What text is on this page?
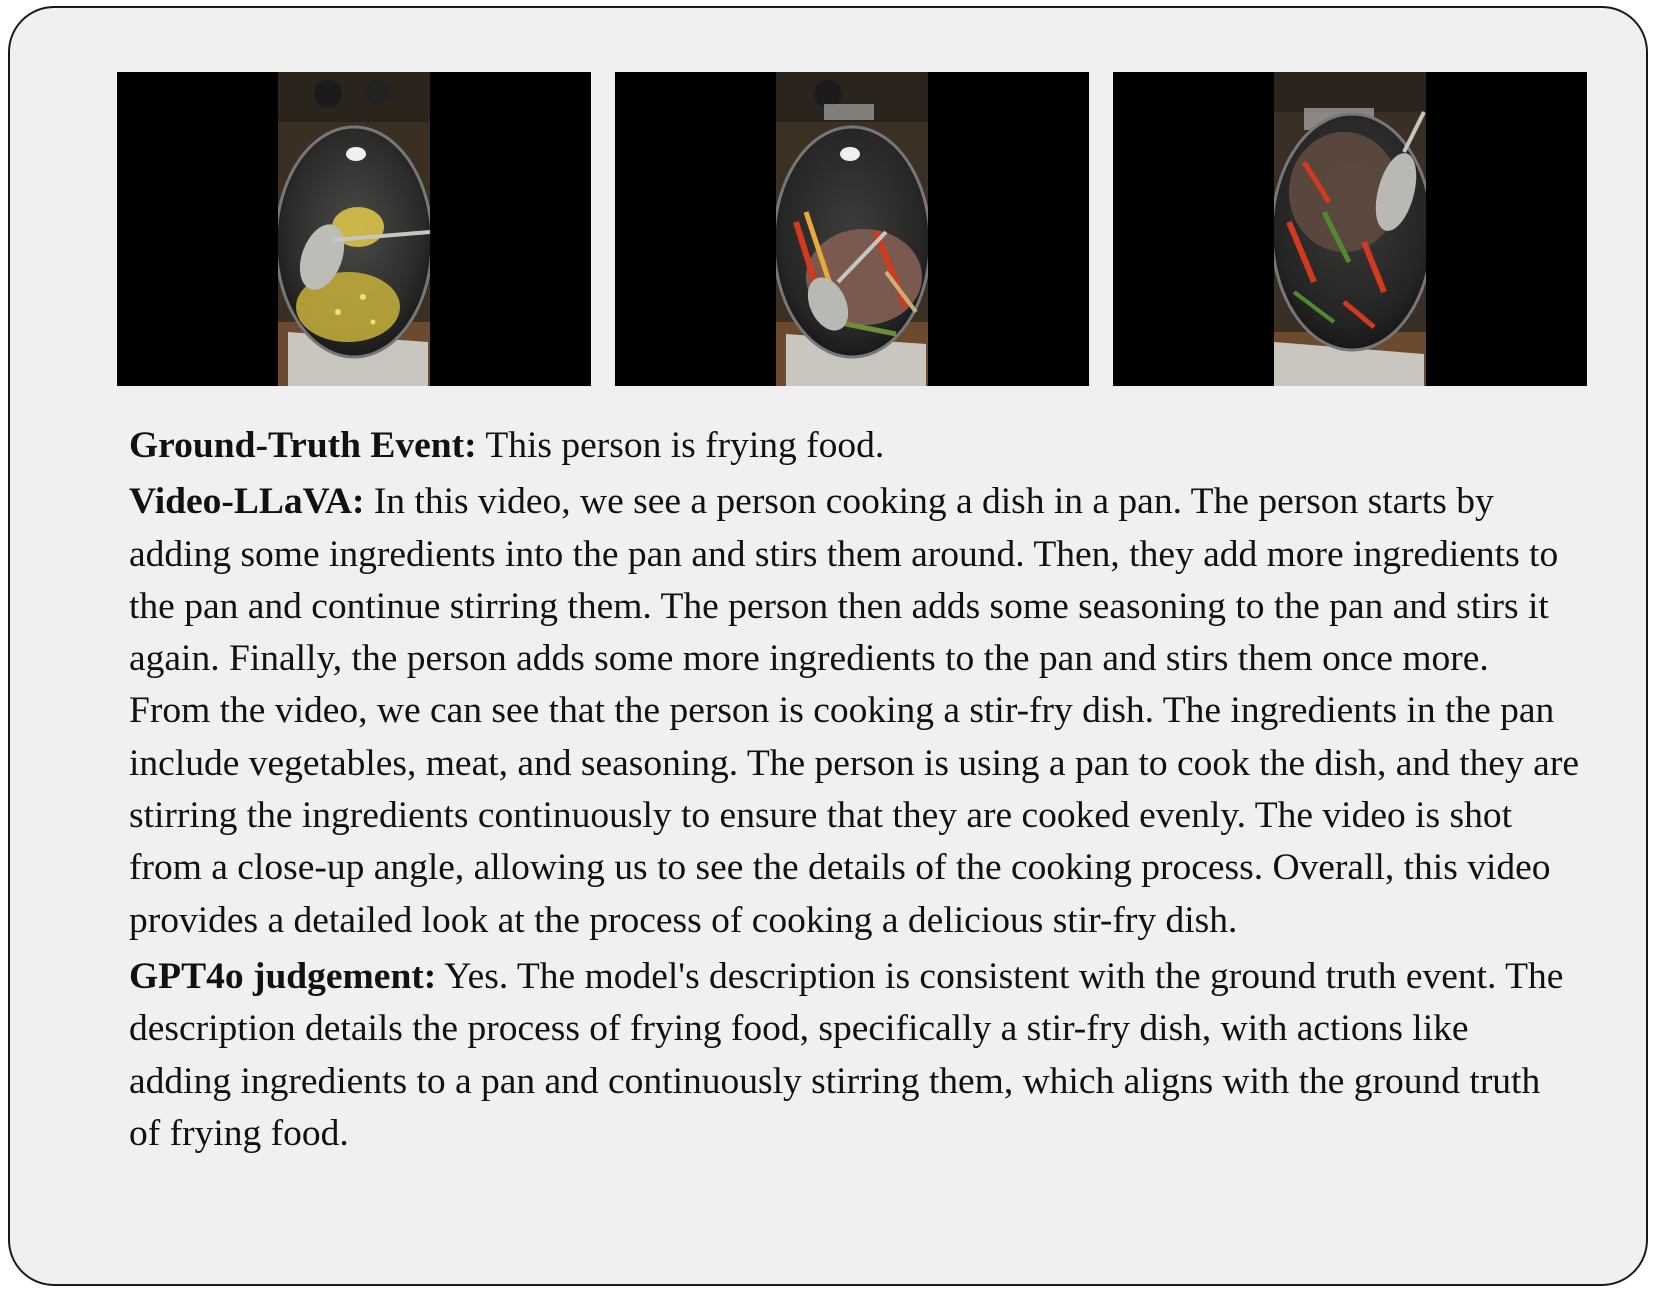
Ground-Truth Event: This person is frying food.

Video-LLaVA: In this video, we see a person cooking a dish in a pan. The person starts by adding some ingredients into the pan and stirs them around. Then, they add more ingredients to the pan and continue stirring them. The person then adds some seasoning to the pan and stirs it again. Finally, the person adds some more ingredients to the pan and stirs them once more. From the video, we can see that the person is cooking a stir-fry dish. The ingredients in the pan include vegetables, meat, and seasoning. The person is using a pan to cook the dish, and they are stirring the ingredients continuously to ensure that they are cooked evenly. The video is shot from a close-up angle, allowing us to see the details of the cooking process. Overall, this video provides a detailed look at the process of cooking a delicious stir-fry dish.

GPT4o judgement: Yes. The model's description is consistent with the ground truth event. The description details the process of frying food, specifically a stir-fry dish, with actions like adding ingredients to a pan and continuously stirring them, which aligns with the ground truth of frying food.
